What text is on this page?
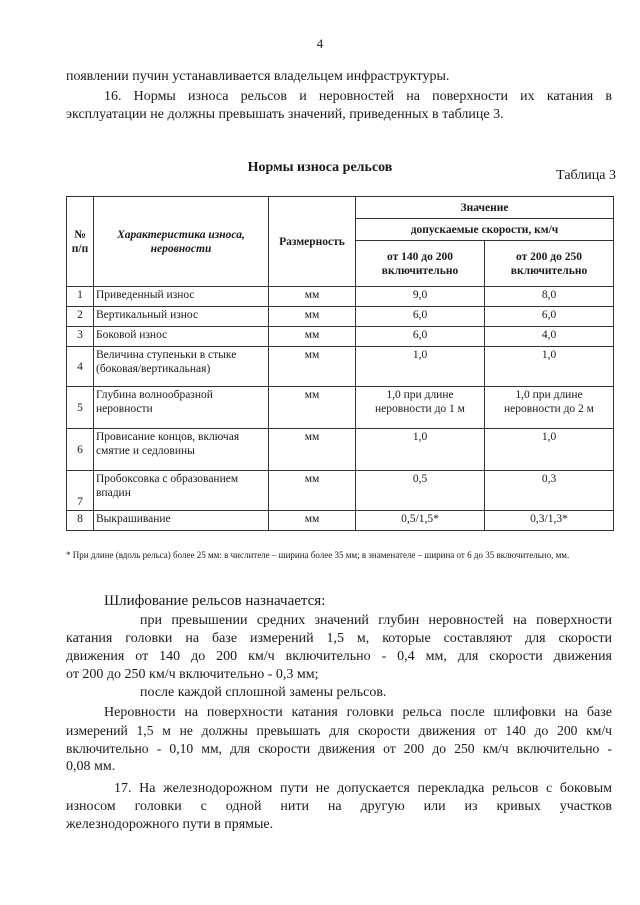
4
появлении пучин устанавливается владельцем инфраструктуры.
16. Нормы износа рельсов и неровностей на поверхности их катания в
эксплуатации не должны превышать значений, приведенных в таблице 3.
Таблица 3
Нормы износа рельсов
№ п/п	Характеристика износа, неровности	Размерность	Значение	
			допускаемые скорости, км/ч	
			от 140 до 200 включительно	от 200 до 250 включительно
1	Приведенный износ	мм	9,0	8,0
2	Вертикальный износ	мм	6,0	6,0
3	Боковой износ	мм	6,0	4,0
4	Величина ступеньки в стыке (боковая/вертикальная)	мм	1,0	1,0
5	Глубина волнообразной неровности	мм	1,0 при длине неровности до 1 м	1,0 при длине неровности до 2 м
6	Провисание концов, включая смятие и седловины	мм	1,0	1,0
7	Пробоксовка с образованием впадин	мм	0,5	0,3
8	Выкрашивание	мм	0,5/1,5*	0,3/1,3*
* При длине (вдоль рельса) более 25 мм: в числителе – ширина более 35 мм; в знаменателе – ширина от 6 до 35 включительно, мм.
Шлифование рельсов назначается:
при превышении средних значений глубин неровностей на поверхности
катания головки на базе измерений 1,5 м, которые составляют для скорости
движения от 140 до 200 км/ч включительно - 0,4 мм, для скорости движения
от 200 до 250 км/ч включительно - 0,3 мм;
после каждой сплошной замены рельсов.
Неровности на поверхности катания головки рельса после шлифовки на базе
измерений 1,5 м не должны превышать для скорости движения от 140 до 200 км/ч
включительно - 0,10 мм, для скорости движения от 200 до 250 км/ч включительно -
0,08 мм.
17. На железнодорожном пути не допускается перекладка рельсов с боковым
износом головки с одной нити на другую или из кривых участков
железнодорожного пути в прямые.
